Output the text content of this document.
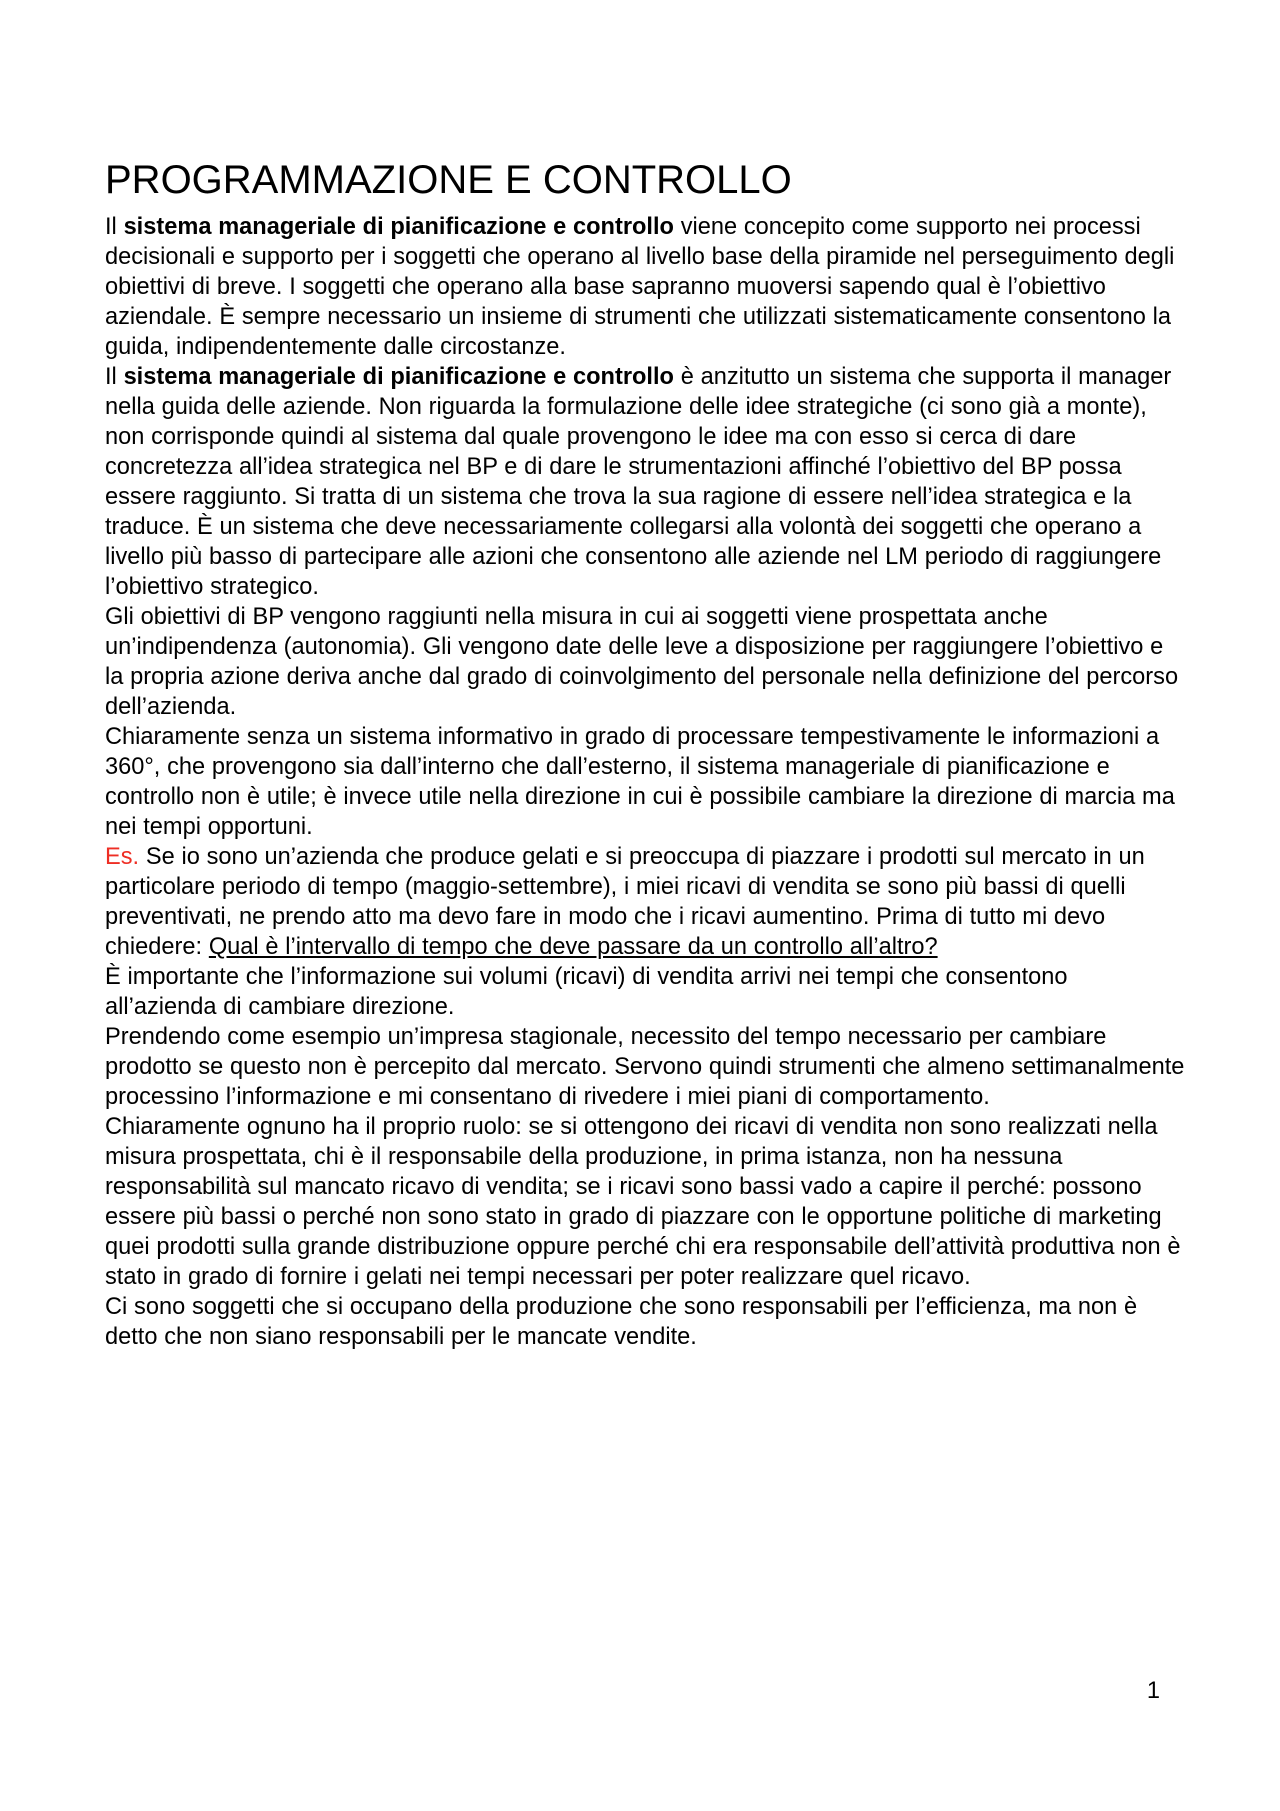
PROGRAMMAZIONE E CONTROLLO

Il sistema manageriale di pianificazione e controllo viene concepito come supporto nei processi decisionali e supporto per i soggetti che operano al livello base della piramide nel perseguimento degli obiettivi di breve. I soggetti che operano alla base sapranno muoversi sapendo qual è l’obiettivo aziendale. È sempre necessario un insieme di strumenti che utilizzati sistematicamente consentono la guida, indipendentemente dalle circostanze.

Il sistema manageriale di pianificazione e controllo è anzitutto un sistema che supporta il manager nella guida delle aziende. Non riguarda la formulazione delle idee strategiche (ci sono già a monte), non corrisponde quindi al sistema dal quale provengono le idee ma con esso si cerca di dare concretezza all’idea strategica nel BP e di dare le strumentazioni affinché l’obiettivo del BP possa essere raggiunto. Si tratta di un sistema che trova la sua ragione di essere nell’idea strategica e la traduce. È un sistema che deve necessariamente collegarsi alla volontà dei soggetti che operano a livello più basso di partecipare alle azioni che consentono alle aziende nel LM periodo di raggiungere l’obiettivo strategico.

Gli obiettivi di BP vengono raggiunti nella misura in cui ai soggetti viene prospettata anche un’indipendenza (autonomia). Gli vengono date delle leve a disposizione per raggiungere l’obiettivo e la propria azione deriva anche dal grado di coinvolgimento del personale nella definizione del percorso dell’azienda.

Chiaramente senza un sistema informativo in grado di processare tempestivamente le informazioni a 360°, che provengono sia dall’interno che dall’esterno, il sistema manageriale di pianificazione e controllo non è utile; è invece utile nella direzione in cui è possibile cambiare la direzione di marcia ma nei tempi opportuni.

Es. Se io sono un’azienda che produce gelati e si preoccupa di piazzare i prodotti sul mercato in un particolare periodo di tempo (maggio-settembre), i miei ricavi di vendita se sono più bassi di quelli preventivati, ne prendo atto ma devo fare in modo che i ricavi aumentino. Prima di tutto mi devo chiedere: Qual è l’intervallo di tempo che deve passare da un controllo all’altro?

È importante che l’informazione sui volumi (ricavi) di vendita arrivi nei tempi che consentono all’azienda di cambiare direzione.

Prendendo come esempio un’impresa stagionale, necessito del tempo necessario per cambiare prodotto se questo non è percepito dal mercato. Servono quindi strumenti che almeno settimanalmente processino l’informazione e mi consentano di rivedere i miei piani di comportamento.

Chiaramente ognuno ha il proprio ruolo: se si ottengono dei ricavi di vendita non sono realizzati nella misura prospettata, chi è il responsabile della produzione, in prima istanza, non ha nessuna responsabilità sul mancato ricavo di vendita; se i ricavi sono bassi vado a capire il perché: possono essere più bassi o perché non sono stato in grado di piazzare con le opportune politiche di marketing quei prodotti sulla grande distribuzione oppure perché chi era responsabile dell’attività produttiva non è stato in grado di fornire i gelati nei tempi necessari per poter realizzare quel ricavo.

Ci sono soggetti che si occupano della produzione che sono responsabili per l’efficienza, ma non è detto che non siano responsabili per le mancate vendite.

1
